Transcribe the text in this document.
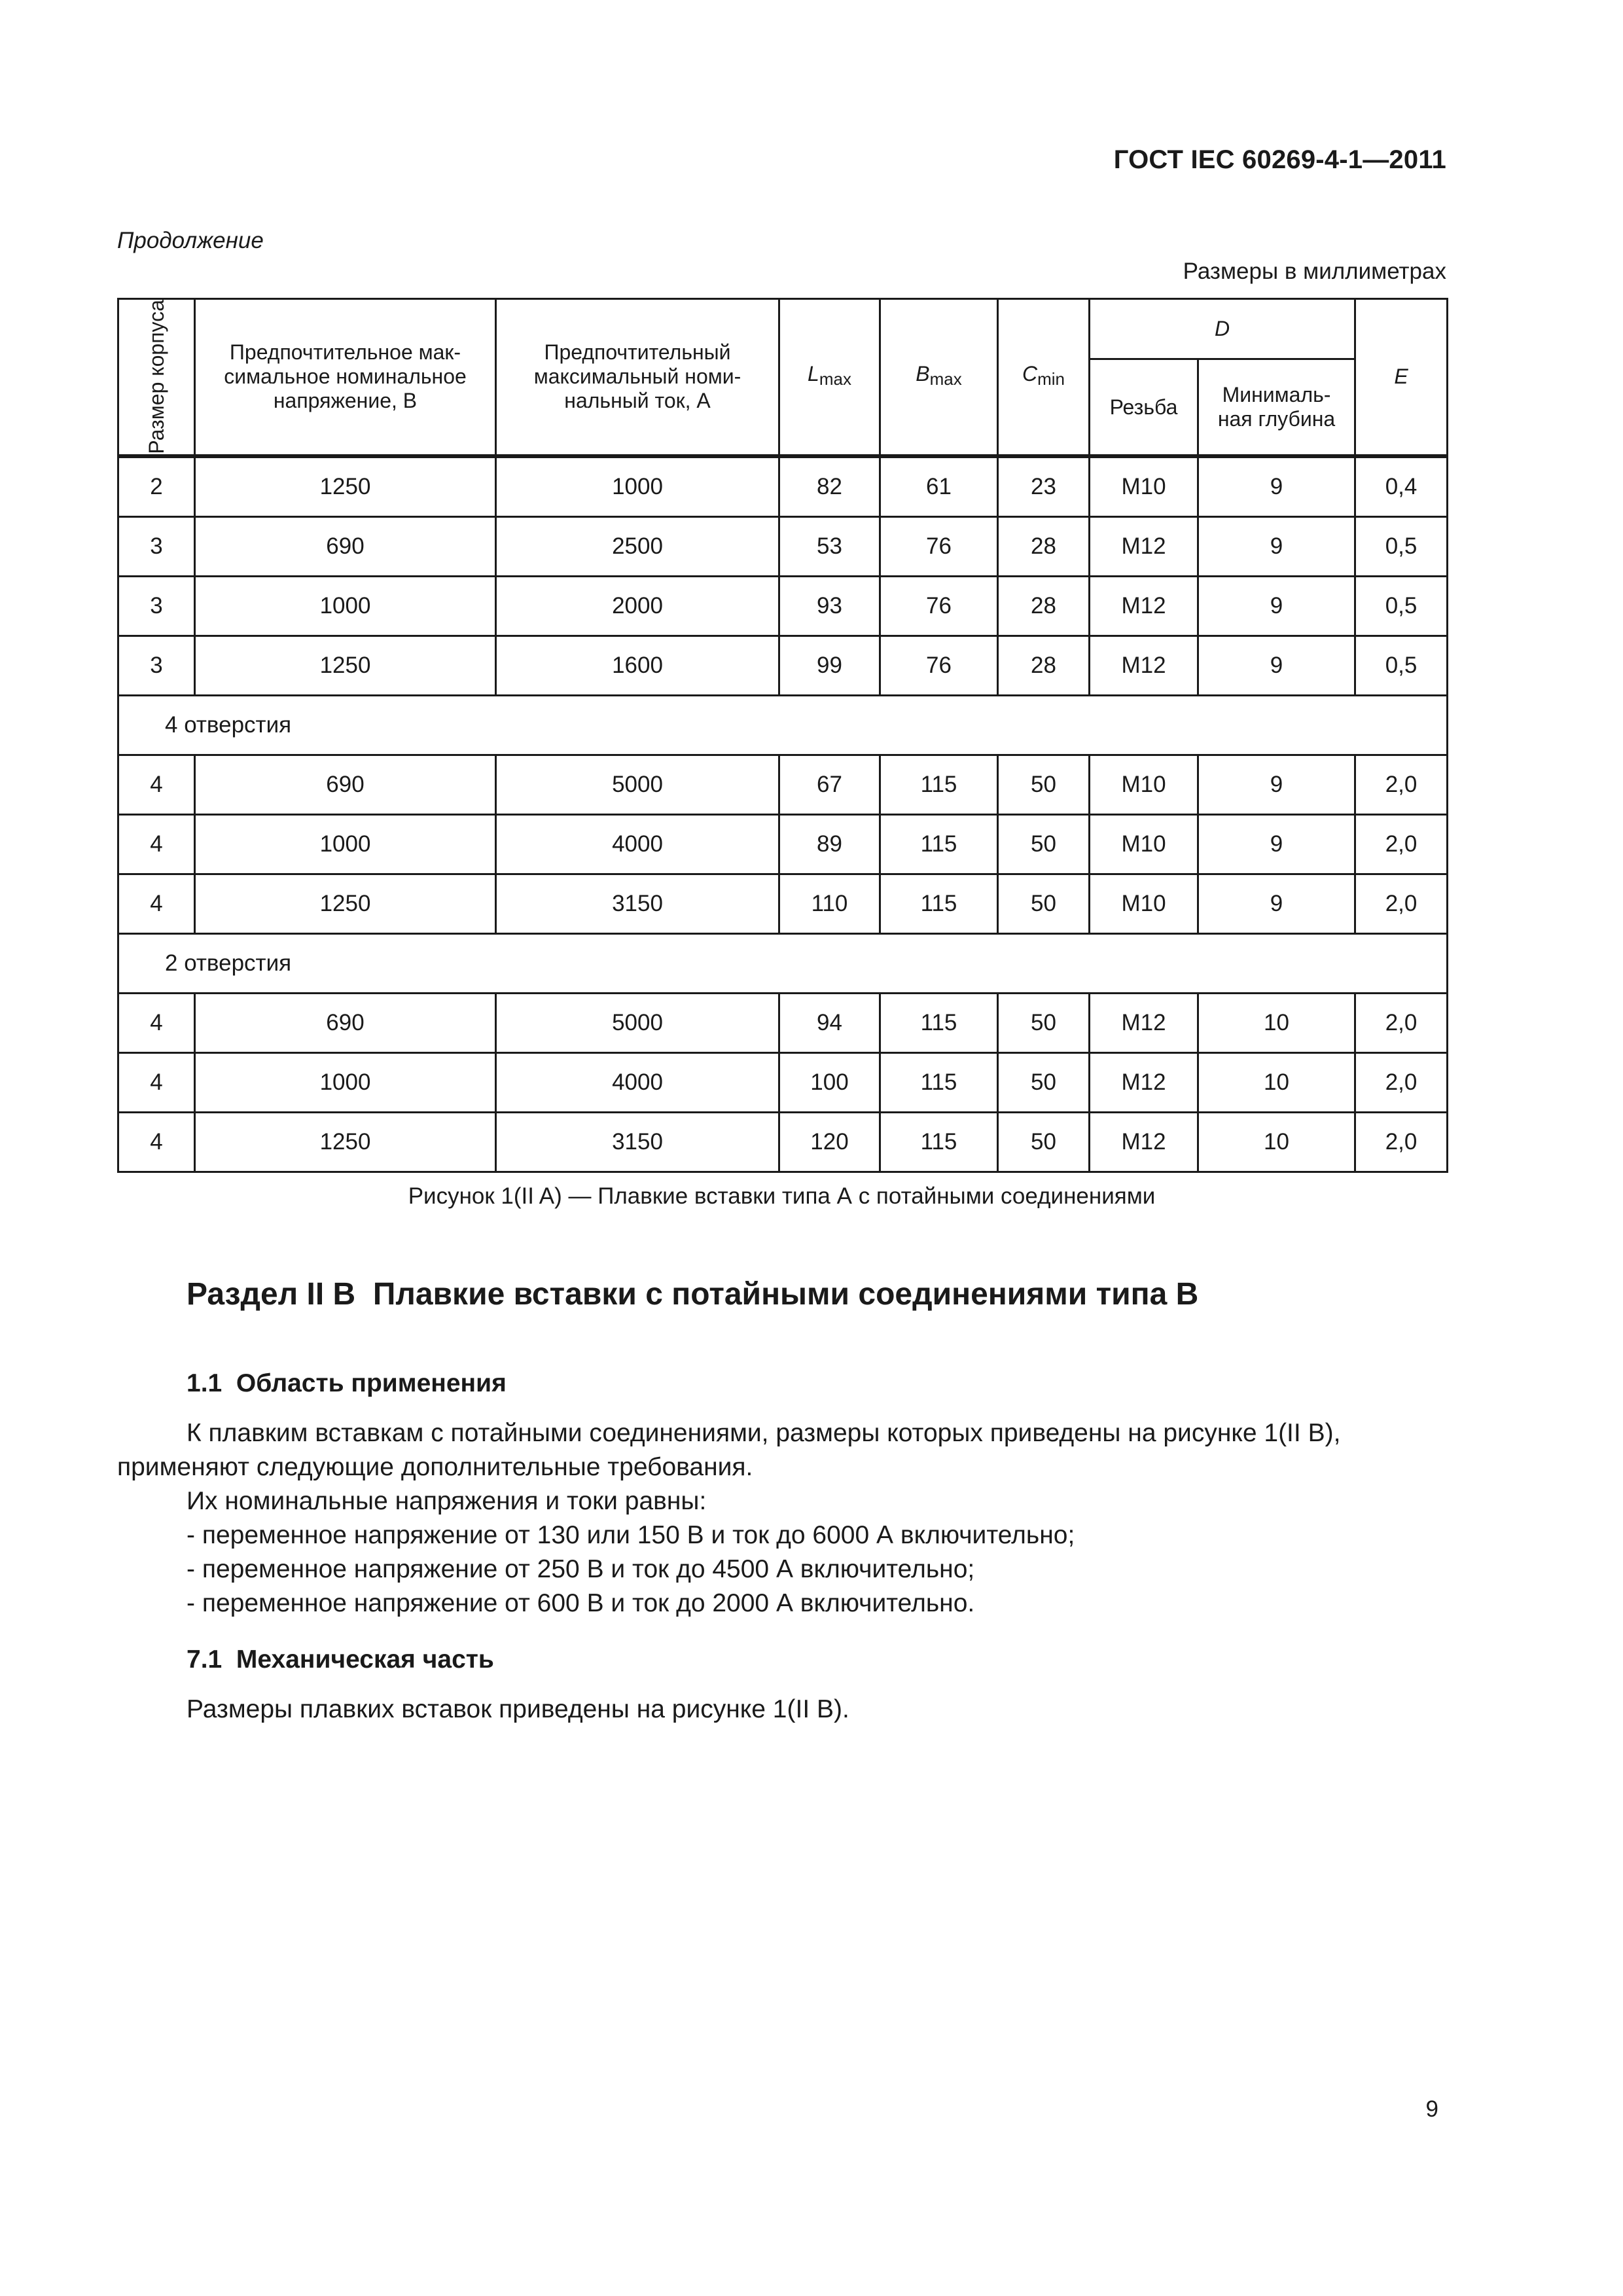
ГОСТ IEC 60269-4-1—2011
Продолжение
Размеры в миллиметрах
Размер корпуса	Предпочтительное мак-симальное номинальное напряжение, В	Предпочтительный максимальный номи-нальный ток, А	$L_{max}$	$B_{max}$	$C_{min}$	D		E
						Резьба	Минималь-ная глубина	
2	1250	1000	82	61	23	M10	9	0,4
3	690	2500	53	76	28	M12	9	0,5
3	1000	2000	93	76	28	M12	9	0,5
3	1250	1600	99	76	28	M12	9	0,5
4 отверстия								
4	690	5000	67	115	50	M10	9	2,0
4	1000	4000	89	115	50	M10	9	2,0
4	1250	3150	110	115	50	M10	9	2,0
2 отверстия								
4	690	5000	94	115	50	M12	10	2,0
4	1000	4000	100	115	50	M12	10	2,0
4	1250	3150	120	115	50	M12	10	2,0
Рисунок 1(II A) — Плавкие вставки типа А с потайными соединениями
Раздел II B  Плавкие вставки с потайными соединениями типа B
1.1  Область применения

К плавким вставкам с потайными соединениями, размеры которых приведены на рисунке 1(II B), применяют следующие дополнительные требования.

Их номинальные напряжения и токи равны:

- переменное напряжение от 130 или 150 В и ток до 6000 А включительно;

- переменное напряжение от 250 В и ток до 4500 А включительно;

- переменное напряжение от 600 В и ток до 2000 А включительно.

7.1  Механическая часть

Размеры плавких вставок приведены на рисунке 1(II B).

9
